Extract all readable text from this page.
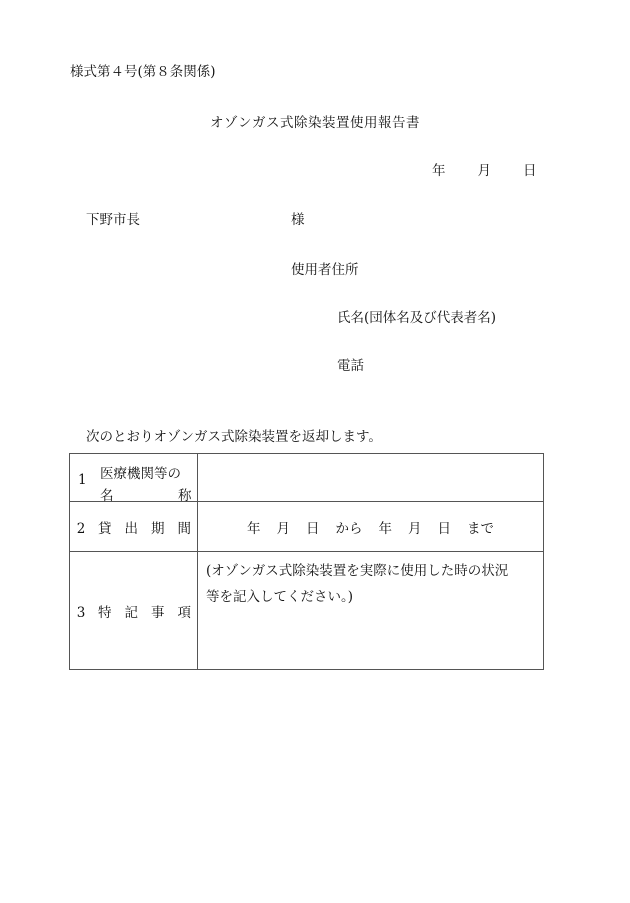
様式第４号(第８条関係)
オゾンガス式除染装置使用報告書
年 月 日
下野市長	様
使用者住所
氏名(団体名及び代表者名)
電話
次のとおりオゾンガス式除染装置を返却します。
1 医療機関等の
名 称	

2 貸 出 期 間	年 月 日 から 年 月 日 まで
3 特 記 事 項	(オゾンガス式除染装置を実際に使用した時の状況
等を記入してください。)
